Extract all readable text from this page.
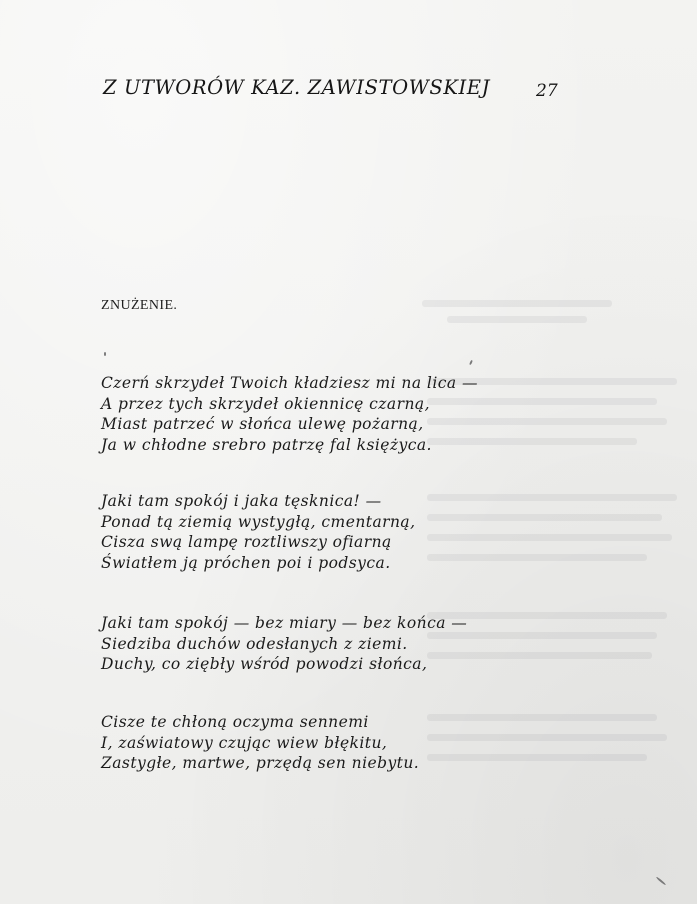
Z UTWORÓW KAZ. ZAWISTOWSKIEJ	27
ZNUŻENIE.
Czerń skrzydeł Twoich kładziesz mi na lica —
A przez tych skrzydeł okiennicę czarną,
Miast patrzeć w słońca ulewę pożarną,
Ja w chłodne srebro patrzę fal księżyca.
Jaki tam spokój i jaka tęsknica! —
Ponad tą ziemią wystygłą, cmentarną,
Cisza swą lampę roztliwszy ofiarną
Światłem ją próchen poi i podsyca.
Jaki tam spokój — bez miary — bez końca —
Siedziba duchów odesłanych z ziemi.
Duchy, co ziębły wśród powodzi słońca,
Cisze te chłoną oczyma sennemi
I, zaświatowy czując wiew błękitu,
Zastygłe, martwe, przędą sen niebytu.
